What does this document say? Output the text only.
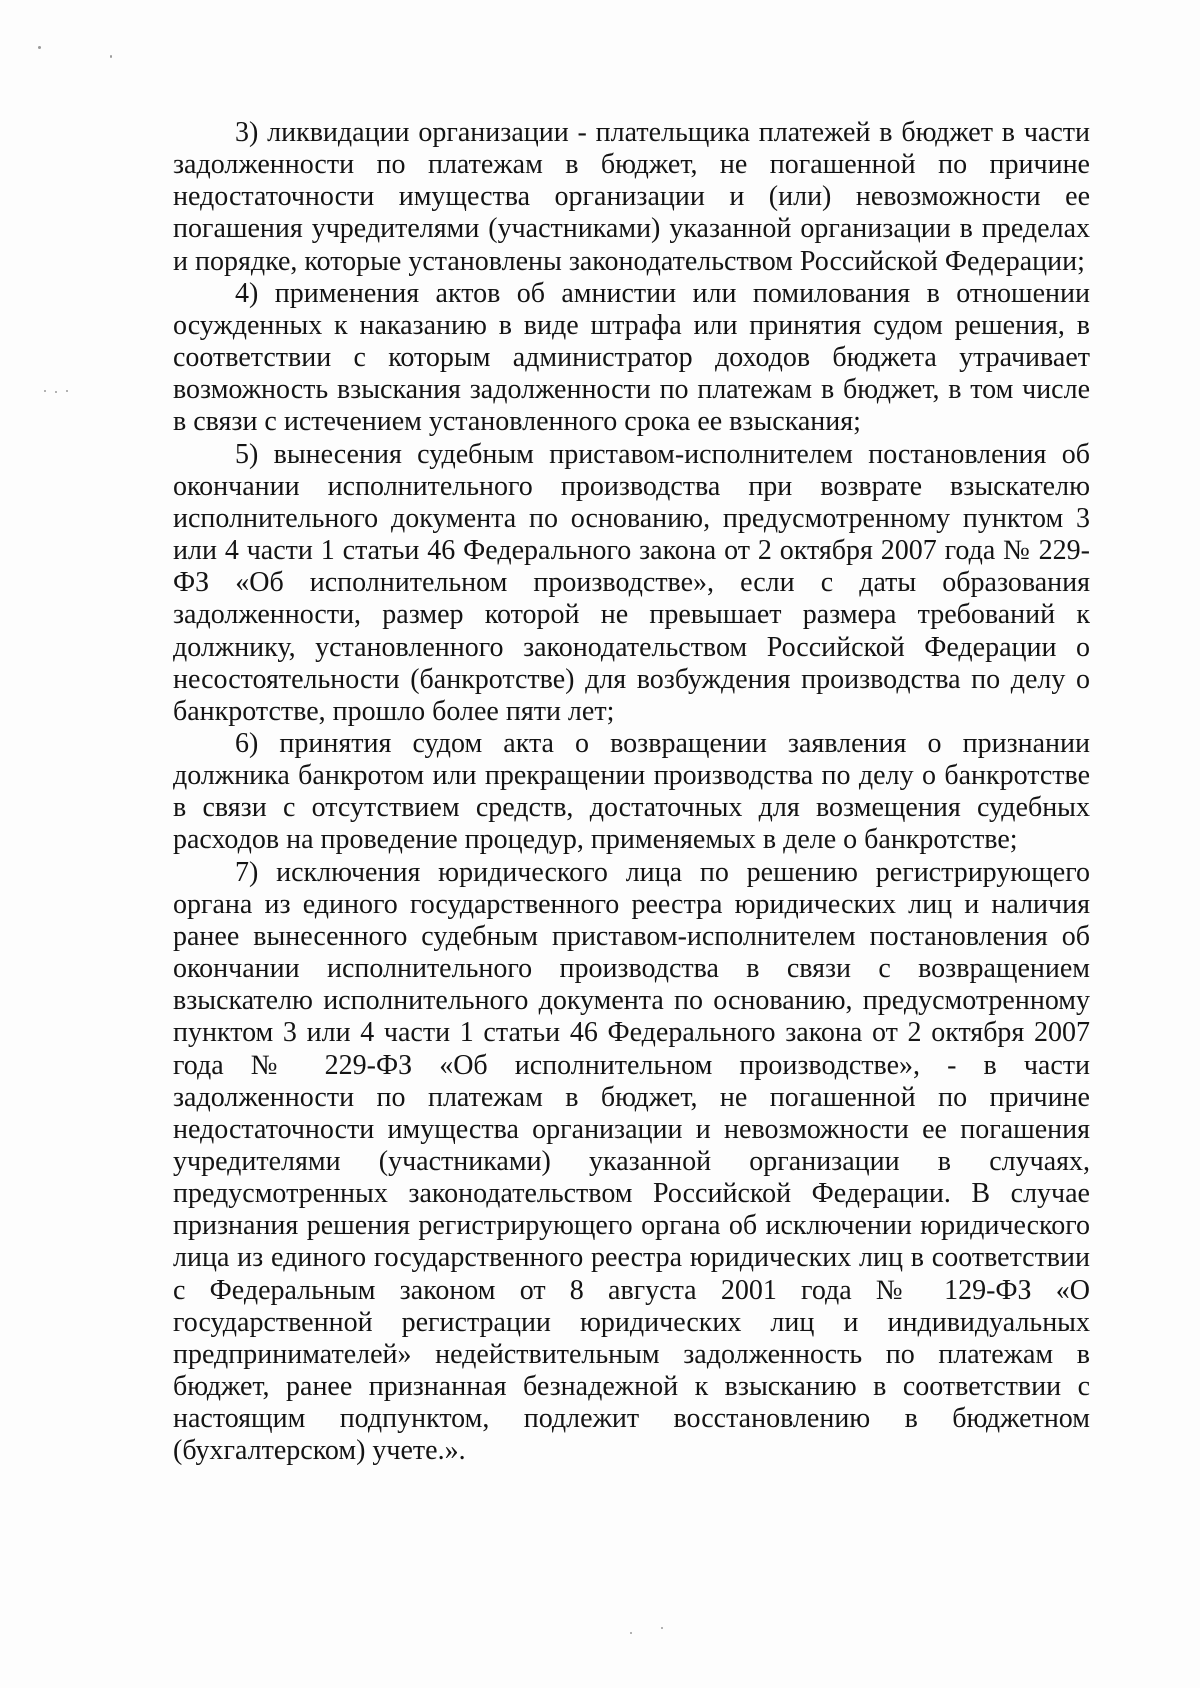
3) ликвидации организации - плательщика платежей в бюджет в части задолженности по платежам в бюджет, не погашенной по причине недостаточности имущества организации и (или) невозможности ее погашения учредителями (участниками) указанной организации в пределах и порядке, которые установлены законодательством Российской Федерации;

4) применения актов об амнистии или помилования в отношении осужденных к наказанию в виде штрафа или принятия судом решения, в соответствии с которым администратор доходов бюджета утрачивает возможность взыскания задолженности по платежам в бюджет, в том числе в связи с истечением установленного срока ее взыскания;

5) вынесения судебным приставом-исполнителем постановления об окончании исполнительного производства при возврате взыскателю исполнительного документа по основанию, предусмотренному пунктом 3 или 4 части 1 статьи 46 Федерального закона от 2 октября 2007 года № 229-ФЗ «Об исполнительном производстве», если с даты образования задолженности, размер которой не превышает размера требований к должнику, установленного законодательством Российской Федерации о несостоятельности (банкротстве) для возбуждения производства по делу о банкротстве, прошло более пяти лет;

6) принятия судом акта о возвращении заявления о признании должника банкротом или прекращении производства по делу о банкротстве в связи с отсутствием средств, достаточных для возмещения судебных расходов на проведение процедур, применяемых в деле о банкротстве;

7) исключения юридического лица по решению регистрирующего органа из единого государственного реестра юридических лиц и наличия ранее вынесенного судебным приставом-исполнителем постановления об окончании исполнительного производства в связи с возвращением взыскателю исполнительного документа по основанию, предусмотренному пунктом 3 или 4 части 1 статьи 46 Федерального закона от 2 октября 2007 года № 229-ФЗ «Об исполнительном производстве», - в части задолженности по платежам в бюджет, не погашенной по причине недостаточности имущества организации и невозможности ее погашения учредителями (участниками) указанной организации в случаях, предусмотренных законодательством Российской Федерации. В случае признания решения регистрирующего органа об исключении юридического лица из единого государственного реестра юридических лиц в соответствии с Федеральным законом от 8 августа 2001 года № 129-ФЗ «О государственной регистрации юридических лиц и индивидуальных предпринимателей» недействительным задолженность по платежам в бюджет, ранее признанная безнадежной к взысканию в соответствии с настоящим подпунктом, подлежит восстановлению в бюджетном (бухгалтерском) учете.».
